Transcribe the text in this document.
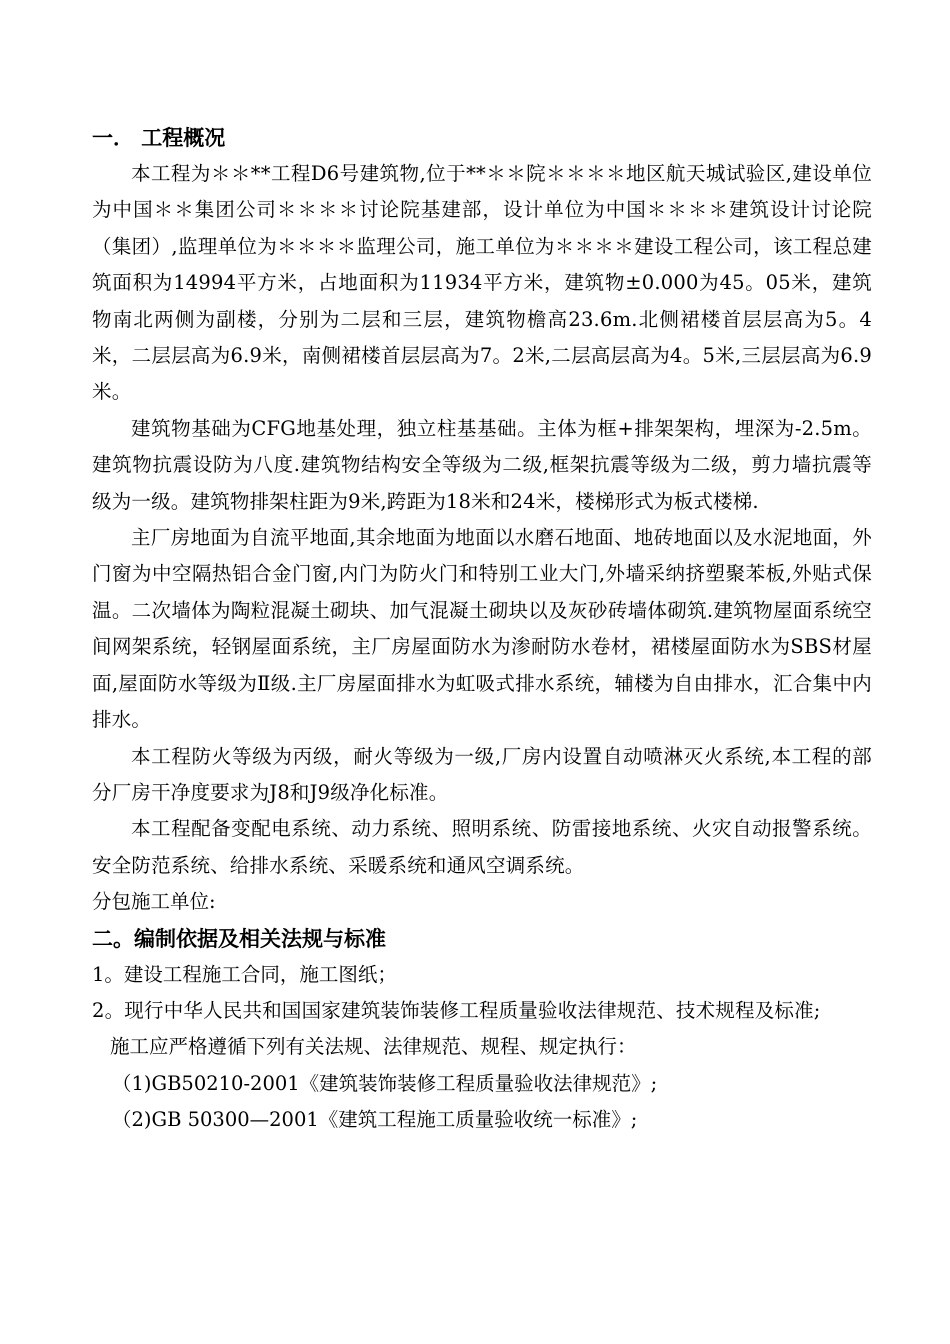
一． 工程概况

本工程为＊＊**工程D6号建筑物,位于**＊＊院＊＊＊＊地区航天城试验区,建设单位为中国＊＊集团公司＊＊＊＊讨论院基建部，设计单位为中国＊＊＊＊建筑设计讨论院（集团）,监理单位为＊＊＊＊监理公司，施工单位为＊＊＊＊建设工程公司，该工程总建筑面积为14994平方米，占地面积为11934平方米，建筑物±0.000为45。05米，建筑物南北两侧为副楼，分别为二层和三层，建筑物檐高23.6m.北侧裙楼首层层高为5。4米，二层层高为6.9米，南侧裙楼首层层高为7。2米,二层高层高为4。5米,三层层高为6.9米。

建筑物基础为CFG地基处理，独立柱基基础。主体为框+排架架构，埋深为-2.5m。建筑物抗震设防为八度.建筑物结构安全等级为二级,框架抗震等级为二级，剪力墙抗震等级为一级。建筑物排架柱距为9米,跨距为18米和24米，楼梯形式为板式楼梯.

主厂房地面为自流平地面,其余地面为地面以水磨石地面、地砖地面以及水泥地面，外门窗为中空隔热铝合金门窗,内门为防火门和特别工业大门,外墙采纳挤塑聚苯板,外贴式保温。二次墙体为陶粒混凝土砌块、加气混凝土砌块以及灰砂砖墙体砌筑.建筑物屋面系统空间网架系统，轻钢屋面系统，主厂房屋面防水为渗耐防水卷材，裙楼屋面防水为SBS材屋面,屋面防水等级为Ⅱ级.主厂房屋面排水为虹吸式排水系统，辅楼为自由排水，汇合集中内排水。

本工程防火等级为丙级，耐火等级为一级,厂房内设置自动喷淋灭火系统,本工程的部分厂房干净度要求为J8和J9级净化标准。

本工程配备变配电系统、动力系统、照明系统、防雷接地系统、火灾自动报警系统。安全防范系统、给排水系统、采暖系统和通风空调系统。

分包施工单位:

二。编制依据及相关法规与标准

1。建设工程施工合同，施工图纸；

2。现行中华人民共和国国家建筑装饰装修工程质量验收法律规范、技术规程及标准;

施工应严格遵循下列有关法规、法律规范、规程、规定执行：

（1)GB50210-2001《建筑装饰装修工程质量验收法律规范》;

（2)GB 50300—2001《建筑工程施工质量验收统一标准》;
